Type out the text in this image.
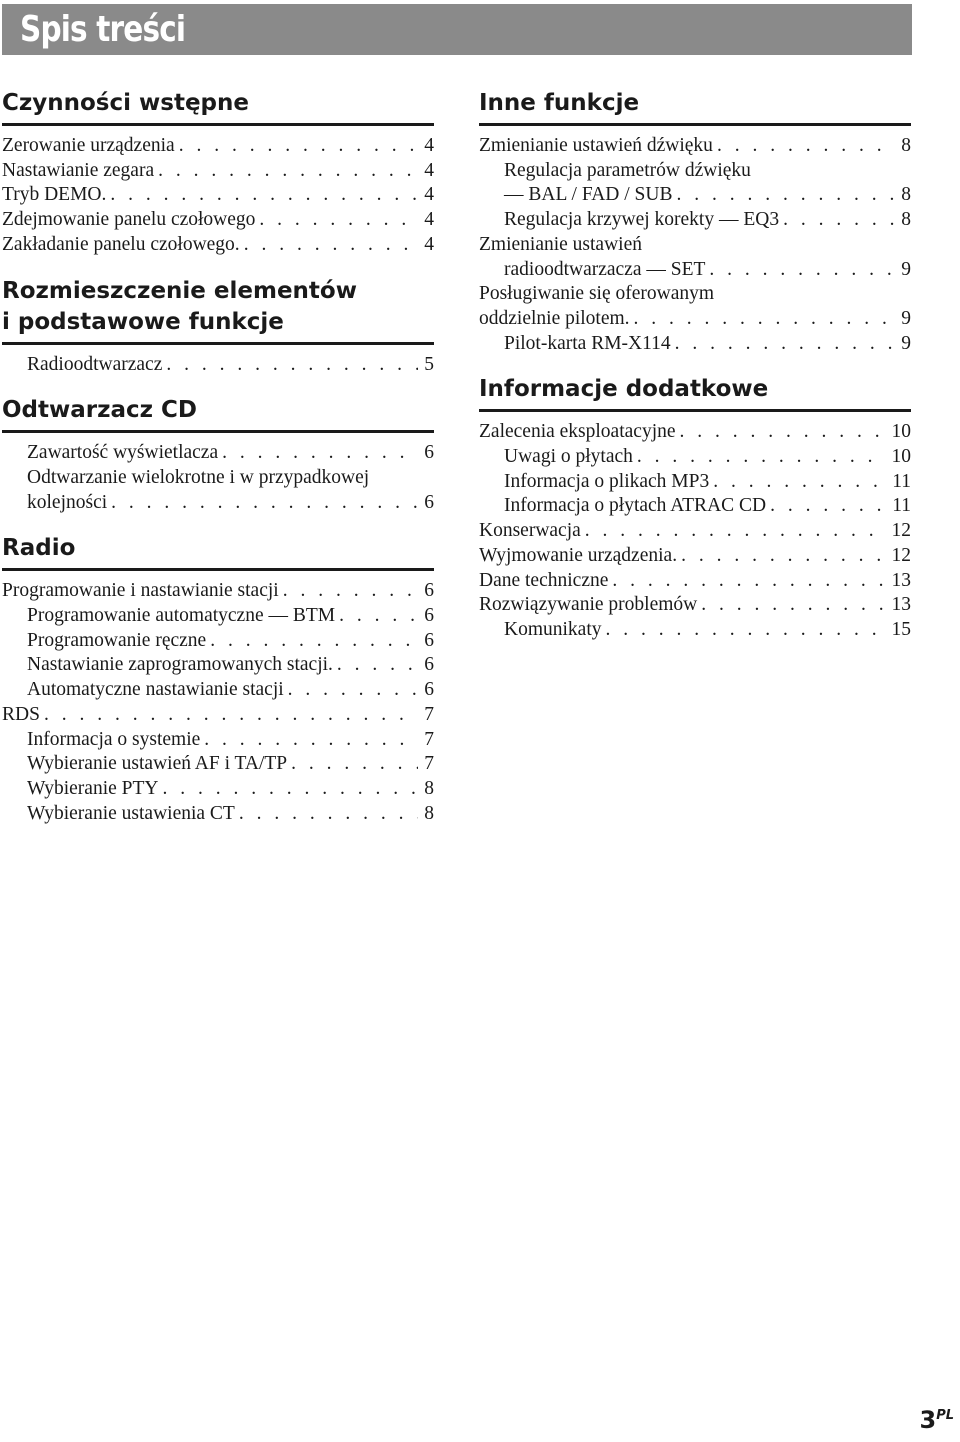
Spis treści
Czynności wstępne
Zerowanie urządzenia . . .	4
Nastawianie zegara . . .	4
Tryb DEMO. . . .	4
Zdejmowanie panelu czołowego . . .	4
Zakładanie panelu czołowego. . . .	4
Rozmieszczenie elementów
i podstawowe funkcje
Radioodtwarzacz . . .	5
Odtwarzacz CD
Zawartość wyświetlacza . . .	6
Odtwarzanie wielokrotne i w przypadkowej
kolejności . . .	6
Radio
Programowanie i nastawianie stacji . . .	6
Programowanie automatyczne — BTM . . .	6
Programowanie ręczne . . .	6
Nastawianie zaprogramowanych stacji. . . .	6
Automatyczne nastawianie stacji . . .	6
RDS . . .	7
Informacja o systemie . . .	7
Wybieranie ustawień AF i TA/TP . . .	7
Wybieranie PTY . . .	8
Wybieranie ustawienia CT . . .	8
Inne funkcje
Zmienianie ustawień dźwięku . . .	8
Regulacja parametrów dźwięku
— BAL / FAD / SUB . . .	8
Regulacja krzywej korekty — EQ3 . . .	8
Zmienianie ustawień
radioodtwarzacza — SET . . .	9
Posługiwanie się oferowanym
oddzielnie pilotem. . . .	9
Pilot-karta RM-X114 . . .	9
Informacje dodatkowe
Zalecenia eksploatacyjne . . .	10
Uwagi o płytach . . .	10
Informacja o plikach MP3 . . .	11
Informacja o płytach ATRAC CD . . .	11
Konserwacja . . .	12
Wyjmowanie urządzenia. . . .	12
Dane techniczne . . .	13
Rozwiązywanie problemów . . .	13
Komunikaty . . .	15
$3^{PL}$
